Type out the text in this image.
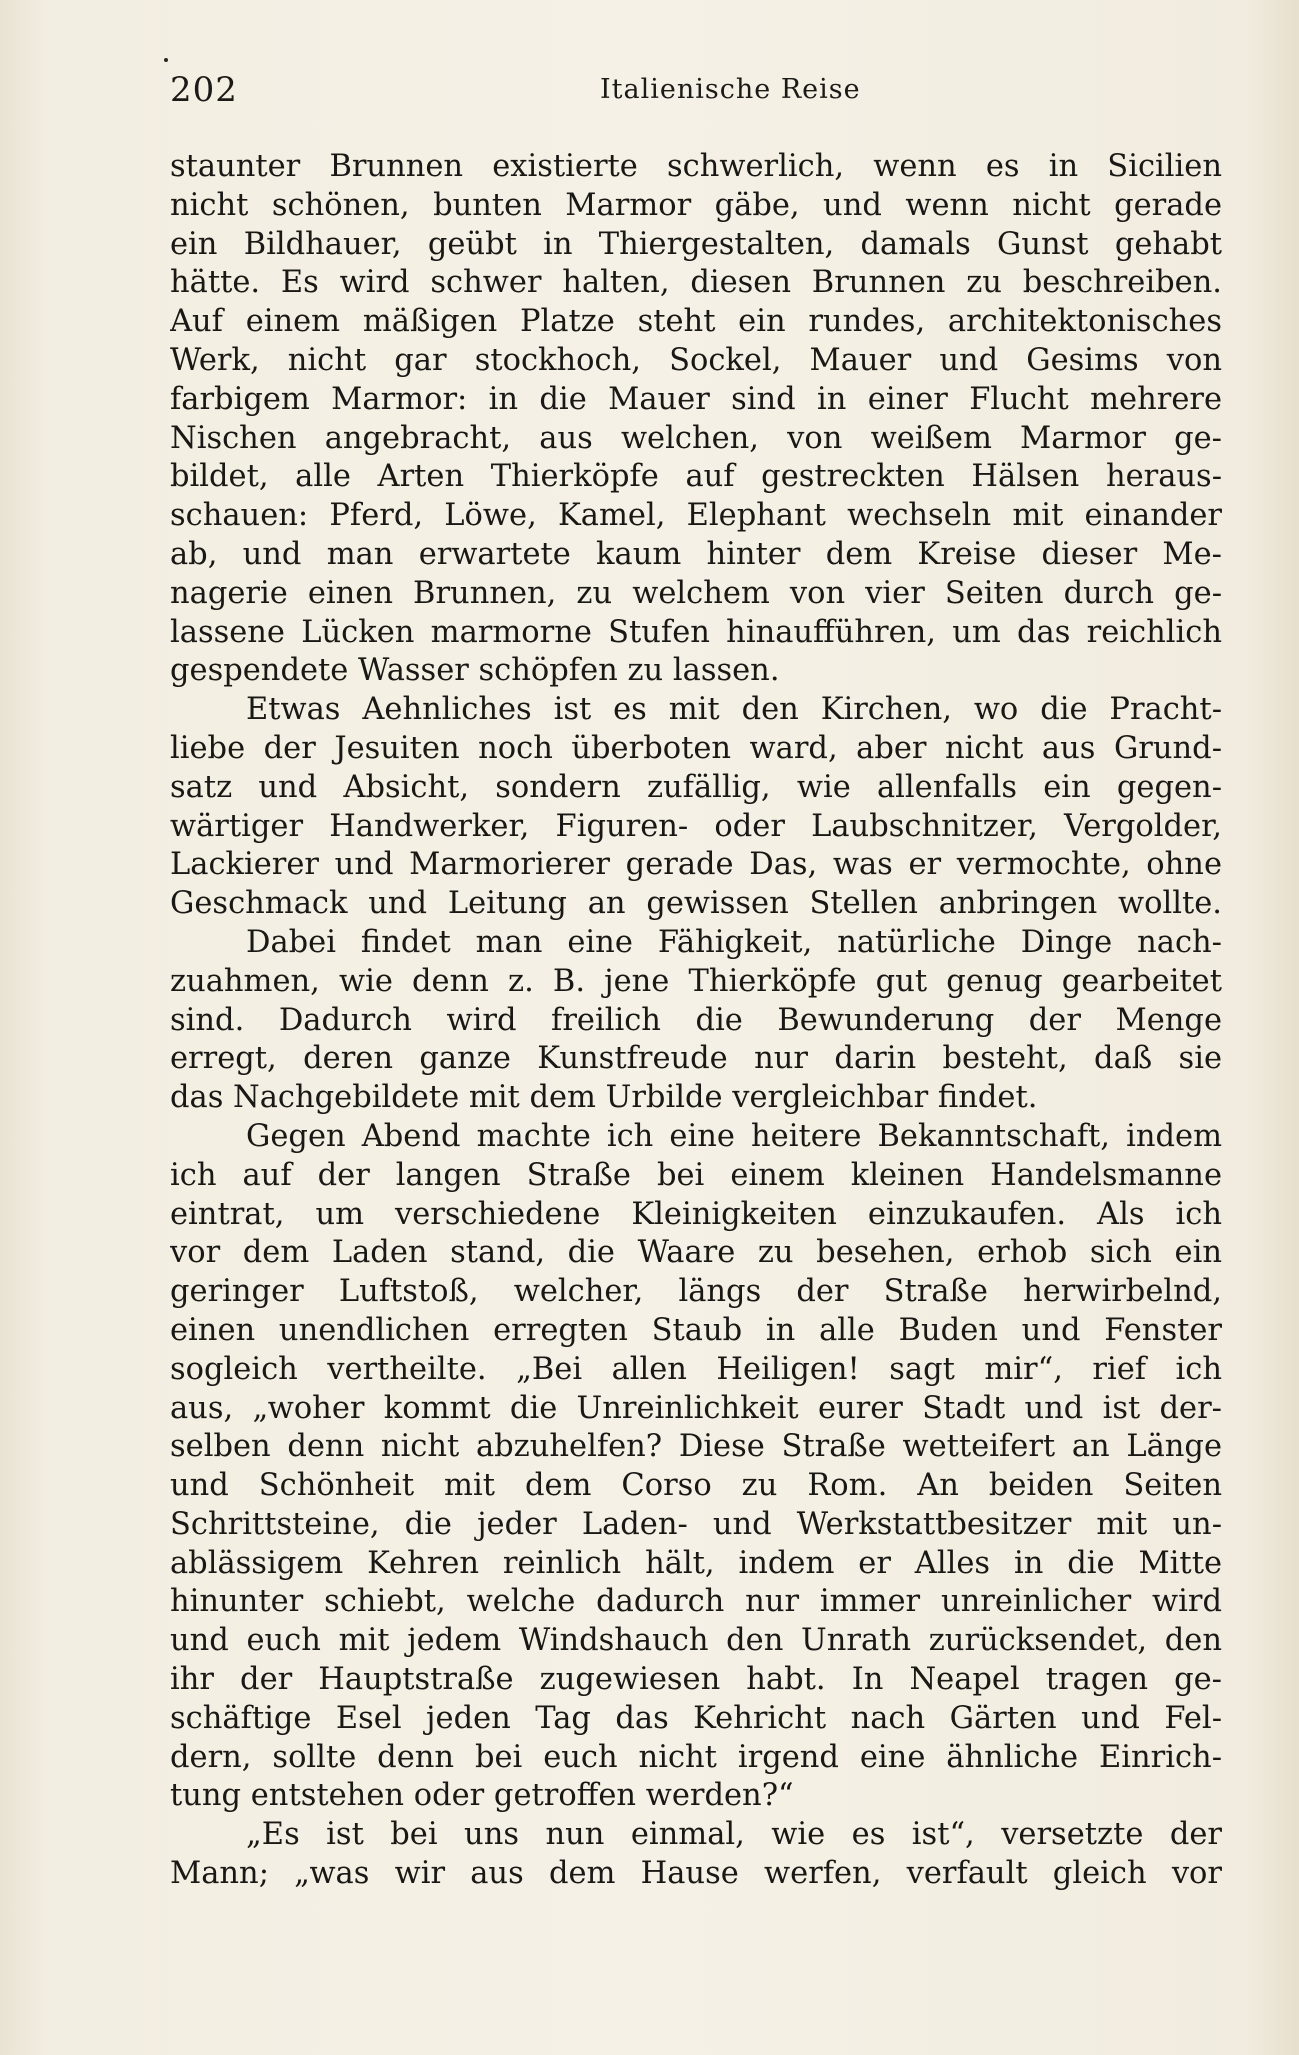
202	Italienische Reise
staunter Brunnen existierte schwerlich, wenn es in Sicilien
nicht schönen, bunten Marmor gäbe, und wenn nicht gerade
ein Bildhauer, geübt in Thiergestalten, damals Gunst gehabt
hätte. Es wird schwer halten, diesen Brunnen zu beschreiben.
Auf einem mäßigen Platze steht ein rundes, architektonisches
Werk, nicht gar stockhoch, Sockel, Mauer und Gesims von
farbigem Marmor: in die Mauer sind in einer Flucht mehrere
Nischen angebracht, aus welchen, von weißem Marmor ge-
bildet, alle Arten Thierköpfe auf gestreckten Hälsen heraus-
schauen: Pferd, Löwe, Kamel, Elephant wechseln mit einander
ab, und man erwartete kaum hinter dem Kreise dieser Me-
nagerie einen Brunnen, zu welchem von vier Seiten durch ge-
lassene Lücken marmorne Stufen hinaufführen, um das reichlich
gespendete Wasser schöpfen zu lassen.
Etwas Aehnliches ist es mit den Kirchen, wo die Pracht-
liebe der Jesuiten noch überboten ward, aber nicht aus Grund-
satz und Absicht, sondern zufällig, wie allenfalls ein gegen-
wärtiger Handwerker, Figuren- oder Laubschnitzer, Vergolder,
Lackierer und Marmorierer gerade Das, was er vermochte, ohne
Geschmack und Leitung an gewissen Stellen anbringen wollte.
Dabei findet man eine Fähigkeit, natürliche Dinge nach-
zuahmen, wie denn z. B. jene Thierköpfe gut genug gearbeitet
sind. Dadurch wird freilich die Bewunderung der Menge
erregt, deren ganze Kunstfreude nur darin besteht, daß sie
das Nachgebildete mit dem Urbilde vergleichbar findet.
Gegen Abend machte ich eine heitere Bekanntschaft, indem
ich auf der langen Straße bei einem kleinen Handelsmanne
eintrat, um verschiedene Kleinigkeiten einzukaufen. Als ich
vor dem Laden stand, die Waare zu besehen, erhob sich ein
geringer Luftstoß, welcher, längs der Straße herwirbelnd,
einen unendlichen erregten Staub in alle Buden und Fenster
sogleich vertheilte. „Bei allen Heiligen! sagt mir“, rief ich
aus, „woher kommt die Unreinlichkeit eurer Stadt und ist der-
selben denn nicht abzuhelfen? Diese Straße wetteifert an Länge
und Schönheit mit dem Corso zu Rom. An beiden Seiten
Schrittsteine, die jeder Laden- und Werkstattbesitzer mit un-
ablässigem Kehren reinlich hält, indem er Alles in die Mitte
hinunter schiebt, welche dadurch nur immer unreinlicher wird
und euch mit jedem Windshauch den Unrath zurücksendet, den
ihr der Hauptstraße zugewiesen habt. In Neapel tragen ge-
schäftige Esel jeden Tag das Kehricht nach Gärten und Fel-
dern, sollte denn bei euch nicht irgend eine ähnliche Einrich-
tung entstehen oder getroffen werden?“
„Es ist bei uns nun einmal, wie es ist“, versetzte der
Mann; „was wir aus dem Hause werfen, verfault gleich vor
